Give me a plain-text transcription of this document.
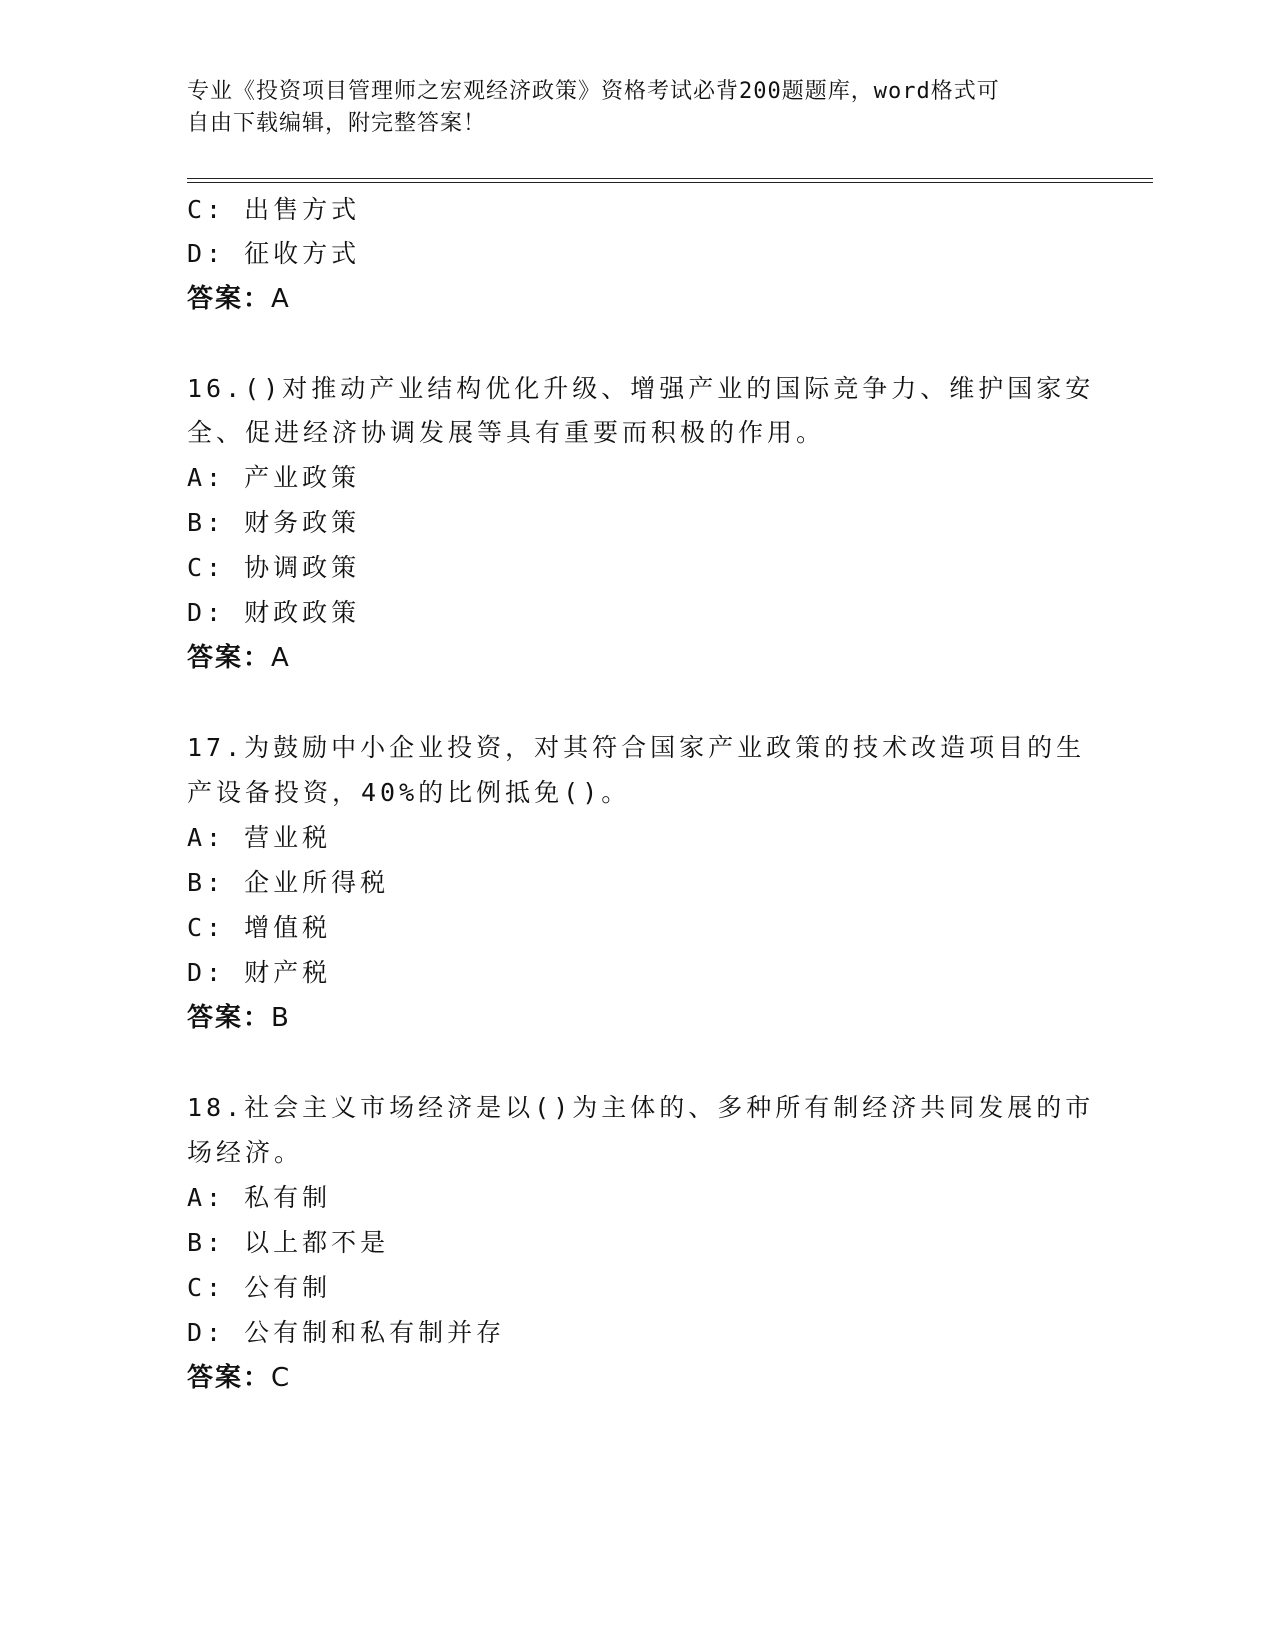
专业《投资项目管理师之宏观经济政策》资格考试必背200题题库，word格式可
自由下载编辑，附完整答案！
C: 出售方式
D: 征收方式
答案：A
16.()对推动产业结构优化升级、增强产业的国际竞争力、维护国家安
全、促进经济协调发展等具有重要而积极的作用。
A: 产业政策
B: 财务政策
C: 协调政策
D: 财政政策
答案：A
17.为鼓励中小企业投资，对其符合国家产业政策的技术改造项目的生
产设备投资，40%的比例抵免()。
A: 营业税
B: 企业所得税
C: 增值税
D: 财产税
答案：B
18.社会主义市场经济是以()为主体的、多种所有制经济共同发展的市
场经济。
A: 私有制
B: 以上都不是
C: 公有制
D: 公有制和私有制并存
答案：C
